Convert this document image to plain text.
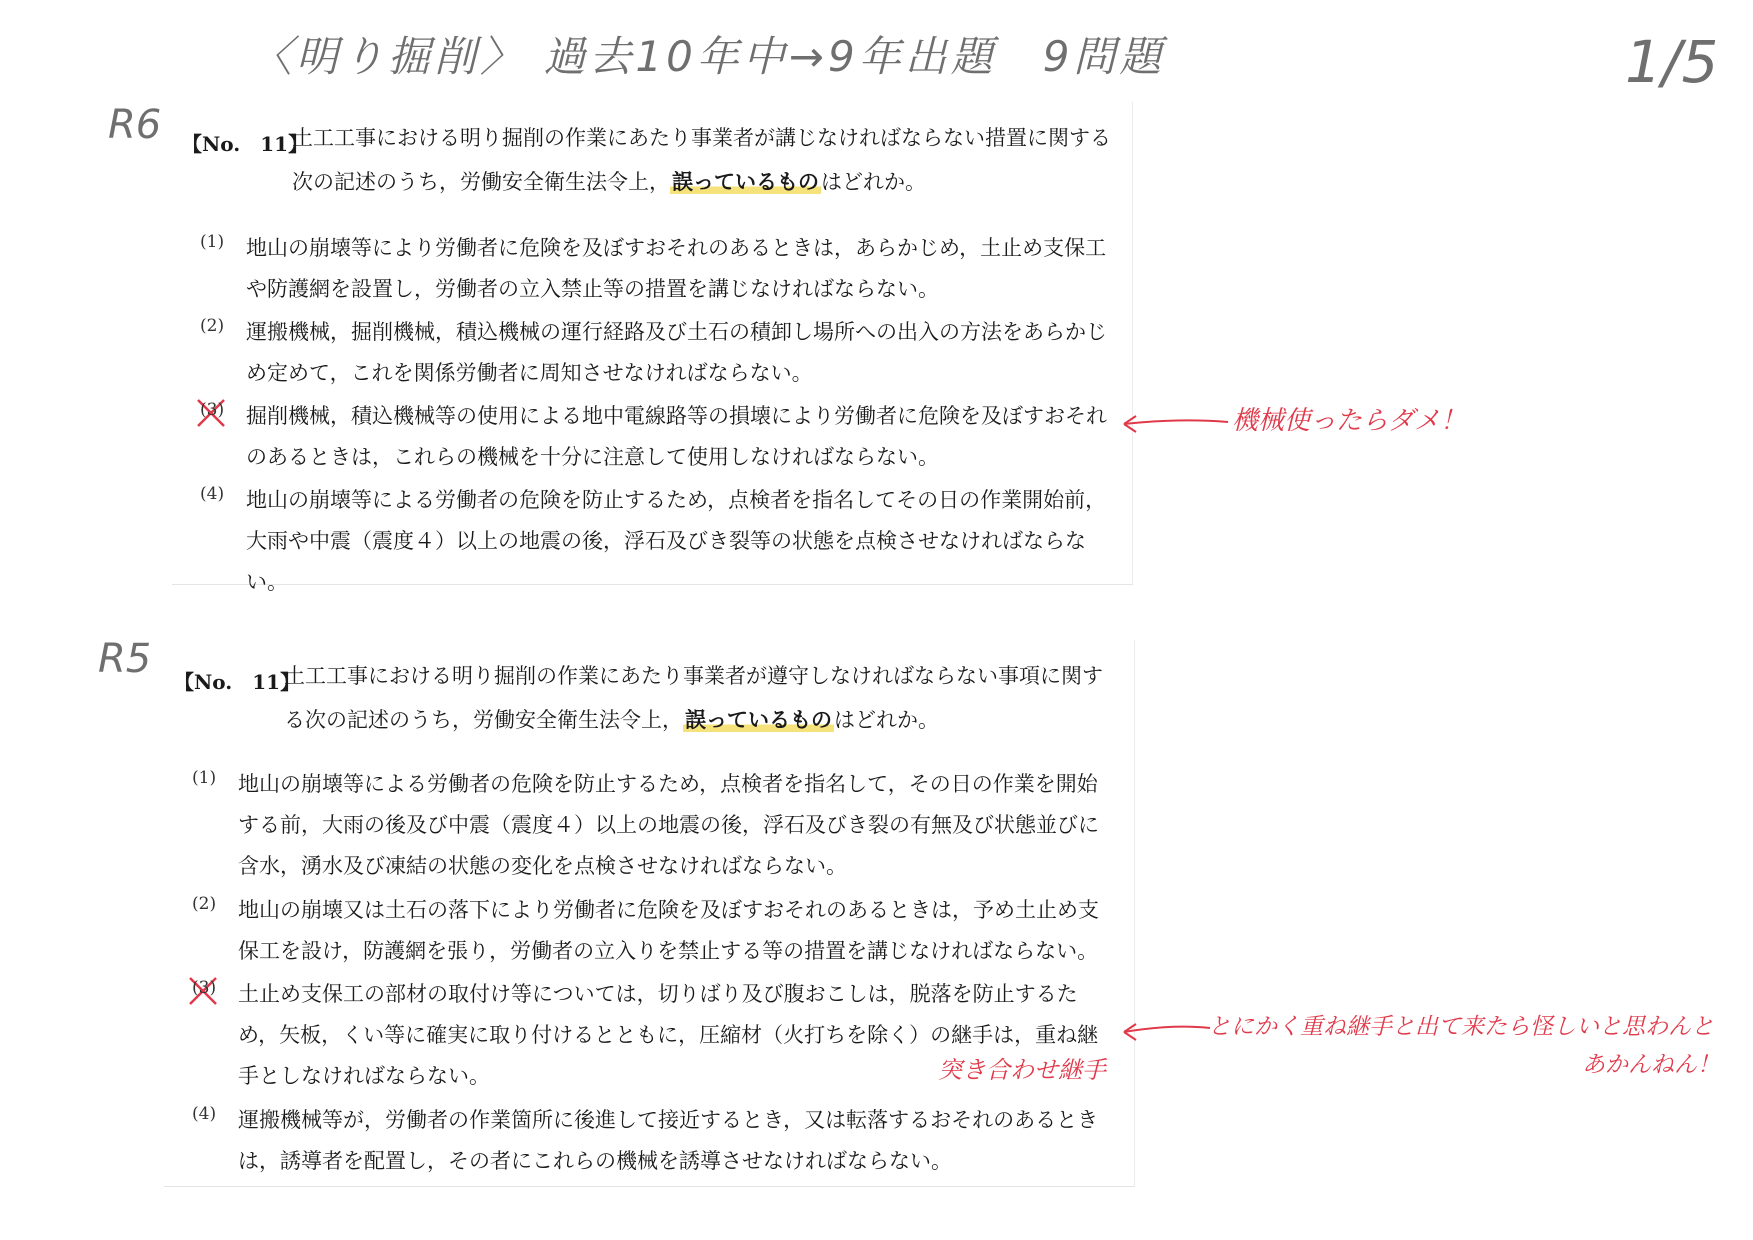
〈明り掘削〉 過去10年中→9年出題　9問題	1/5
R6 【No.　11】
土工工事における明り掘削の作業にあたり事業者が講じなければならない措置に関する次の記述のうち，労働安全衛生法令上，誤っているものはどれか。
(1) 地山の崩壊等により労働者に危険を及ぼすおそれのあるときは，あらかじめ，土止め支保工や防護網を設置し，労働者の立入禁止等の措置を講じなければならない。
(2) 運搬機械，掘削機械，積込機械の運行経路及び土石の積卸し場所への出入の方法をあらかじめ定めて，これを関係労働者に周知させなければならない。
(3) 掘削機械，積込機械等の使用による地中電線路等の損壊により労働者に危険を及ぼすおそれのあるときは，これらの機械を十分に注意して使用しなければならない。
(4) 地山の崩壊等による労働者の危険を防止するため，点検者を指名してその日の作業開始前，大雨や中震（震度４）以上の地震の後，浮石及びき裂等の状態を点検させなければならない。
機械使ったらダメ！
R5 【No.　11】
土工工事における明り掘削の作業にあたり事業者が遵守しなければならない事項に関する次の記述のうち，労働安全衛生法令上，誤っているものはどれか。
(1) 地山の崩壊等による労働者の危険を防止するため，点検者を指名して，その日の作業を開始する前，大雨の後及び中震（震度４）以上の地震の後，浮石及びき裂の有無及び状態並びに含水，湧水及び凍結の状態の変化を点検させなければならない。
(2) 地山の崩壊又は土石の落下により労働者に危険を及ぼすおそれのあるときは，予め土止め支保工を設け，防護網を張り，労働者の立入りを禁止する等の措置を講じなければならない。
(3) 土止め支保工の部材の取付け等については，切りばり及び腹おこしは，脱落を防止するため，矢板，くい等に確実に取り付けるとともに，圧縮材（火打ちを除く）の継手は，重ね継手としなければならない。
(4) 運搬機械等が，労働者の作業箇所に後進して接近するとき，又は転落するおそれのあるときは，誘導者を配置し，その者にこれらの機械を誘導させなければならない。
突き合わせ継手
とにかく重ね継手と出て来たら怪しいと思わんと
あかんねん！
